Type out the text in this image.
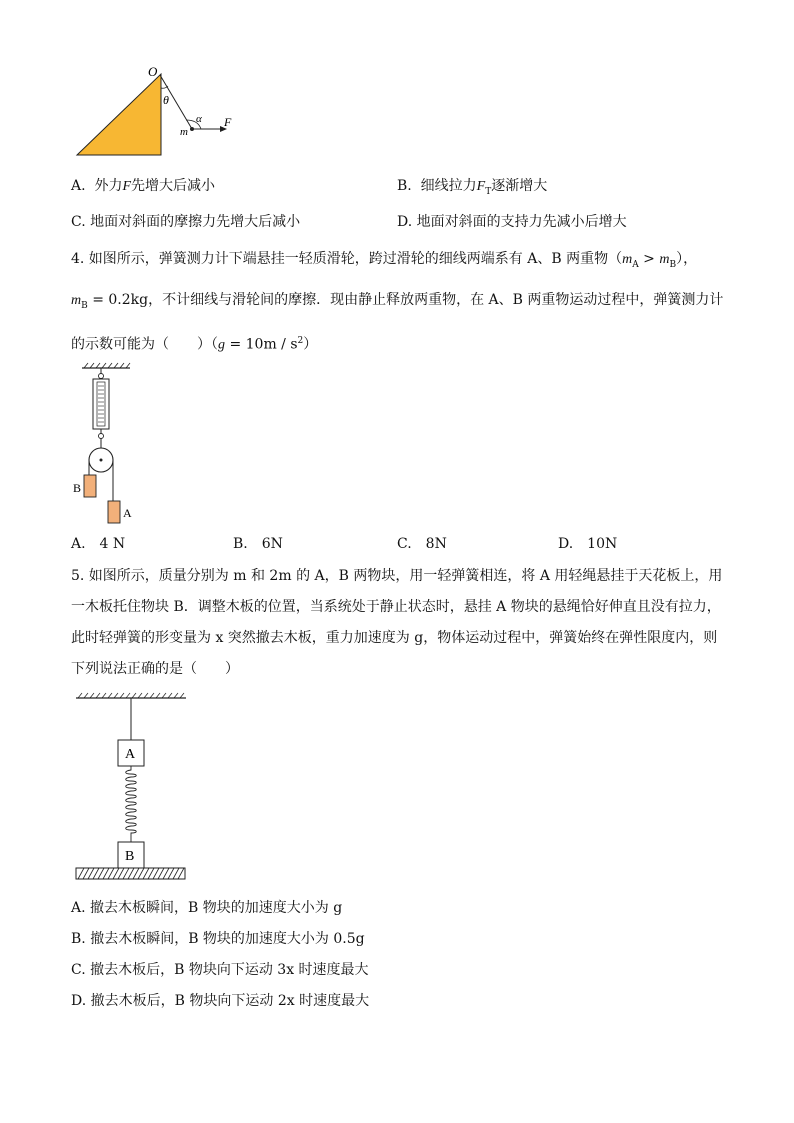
O
θ
m
α F
A. 外力F先增大后减小	B. 细线拉力$F_T$逐渐增大
C. 地面对斜面的摩擦力先增大后减小	D. 地面对斜面的支持力先减小后增大
4. 如图所示，弹簧测力计下端悬挂一轻质滑轮，跨过滑轮的细线两端系有 A、B 两重物$(m_A > m_B)$，
$m_B = 0.2kg$，不计细线与滑轮间的摩擦．现由静止释放两重物，在 A、B 两重物运动过程中，弹簧测力计
的示数可能为（　　）$(g = 10m / s^2)$
B
A
A.　4 N	B.　6N	C.　8N	D.　10N
5. 如图所示，质量分别为 m 和 2m 的 A，B 两物块，用一轻弹簧相连，将 A 用轻绳悬挂于天花板上，用
一木板托住物块 B．调整木板的位置，当系统处于静止状态时，悬挂 A 物块的悬绳恰好伸直且没有拉力，
此时轻弹簧的形变量为 x 突然撤去木板，重力加速度为 g，物体运动过程中，弹簧始终在弹性限度内，则
下列说法正确的是（　　）
A
B
A. 撤去木板瞬间，B 物块的加速度大小为 g
B. 撤去木板瞬间，B 物块的加速度大小为 0.5g
C. 撤去木板后，B 物块向下运动 3x 时速度最大
D. 撤去木板后，B 物块向下运动 2x 时速度最大
